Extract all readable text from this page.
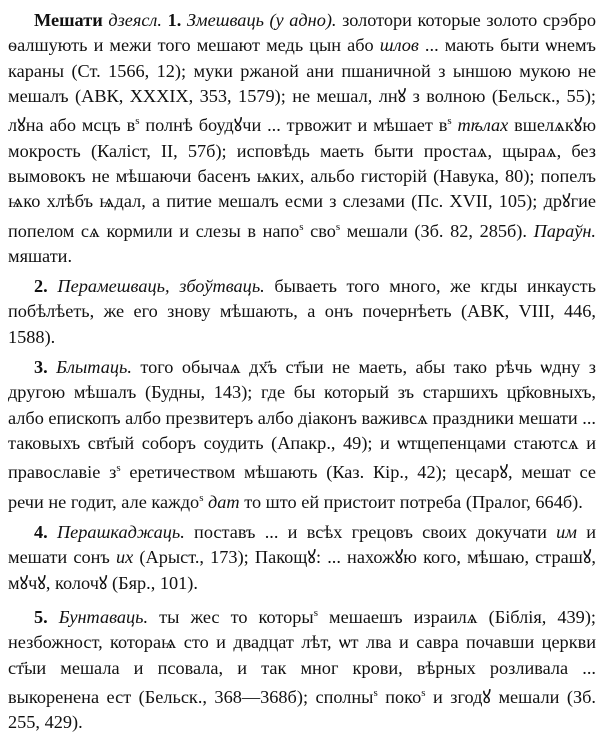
Мешати дзеясл. 1. Змешваць (у адно). золотори которые золото срэбро ѳалшують и межи того мешают медь цын або шлов ... мають быти ѡнемъ караны (Ст. 1566, 12); муки ржаной ани пшаничной з ыншою мукою не мешалъ (АВК, XXXIX, 353, 1579); не мешал, лнꙋ з волною (Бельск., 55); лꙋна або мсцъ $в^s$ полнѣ боудꙋчи ... трвожит и мѣшает $в^s$ тѣлах вшелѧкꙋю мокрость (Каліст, II, 57б); исповѣдь маеть быти простаѧ, щыраѧ, без вымовокъ не мѣшаючи басенъ ѩких, альбо гисторій (Навука, 80); попелъ ѩко хлѣбъ ѩдал, а питие мешалъ есми з слезами (Пс. XVII, 105); дрꙋгие попелом сѧ кормили и слезы в напо$^s$ сво$^s$ мешали (Зб. 82, 285б). Параўн. мяшати.

2. Перамешваць, збоўтваць. бываеть того много, же кгды инкаусть побѣлѣеть, же его знову мѣшають, а онъ почернѣеть (АВК, VIII, 446, 1588).

3. Блытаць. того обычаѧ дх҃ъ ст҃ыи не маеть, абы тако рѣчь ѡдну з другою мѣшалъ (Будны, 143); где бы который зъ старшихъ цр҃ковныхъ, албо епископъ албо презвитеръ албо діаконъ важивсѧ праздники мешати ... таковыхъ свт҃ый соборъ соудить (Апакр., 49); и ѡтщепенцами стаютсѧ и православіе $з^s$ еретичеством мѣшають (Каз. Кір., 42); цесарꙋ, мешат се речи не годит, але каждо$^s$ дат то што ей пристоит потреба (Пралог, 664б).

4. Перашкаджаць. поставъ ... и всѣх грецовъ своих докучати им и мешати сонъ их (Арыст., 173); Пакощꙋ: ... нахожꙋю кого, мѣшаю, страшꙋ, мꙋчꙋ, колочꙋ (Бяр., 101).

5. Бунтаваць. ты жес то которы$^s$ мешаешъ израилѧ (Біблія, 439); незбожност, котораѩ сто и двадцат лѣт, ѡт лва и саврa почавши церкви ст҃ыи мешала и псовала, и так мног крови, вѣрных розливала ... выкоренена ест (Бельск., 368—368б); сполны$^s$ поко$^s$ и згодꙋ мешали (Зб. 255, 429).
